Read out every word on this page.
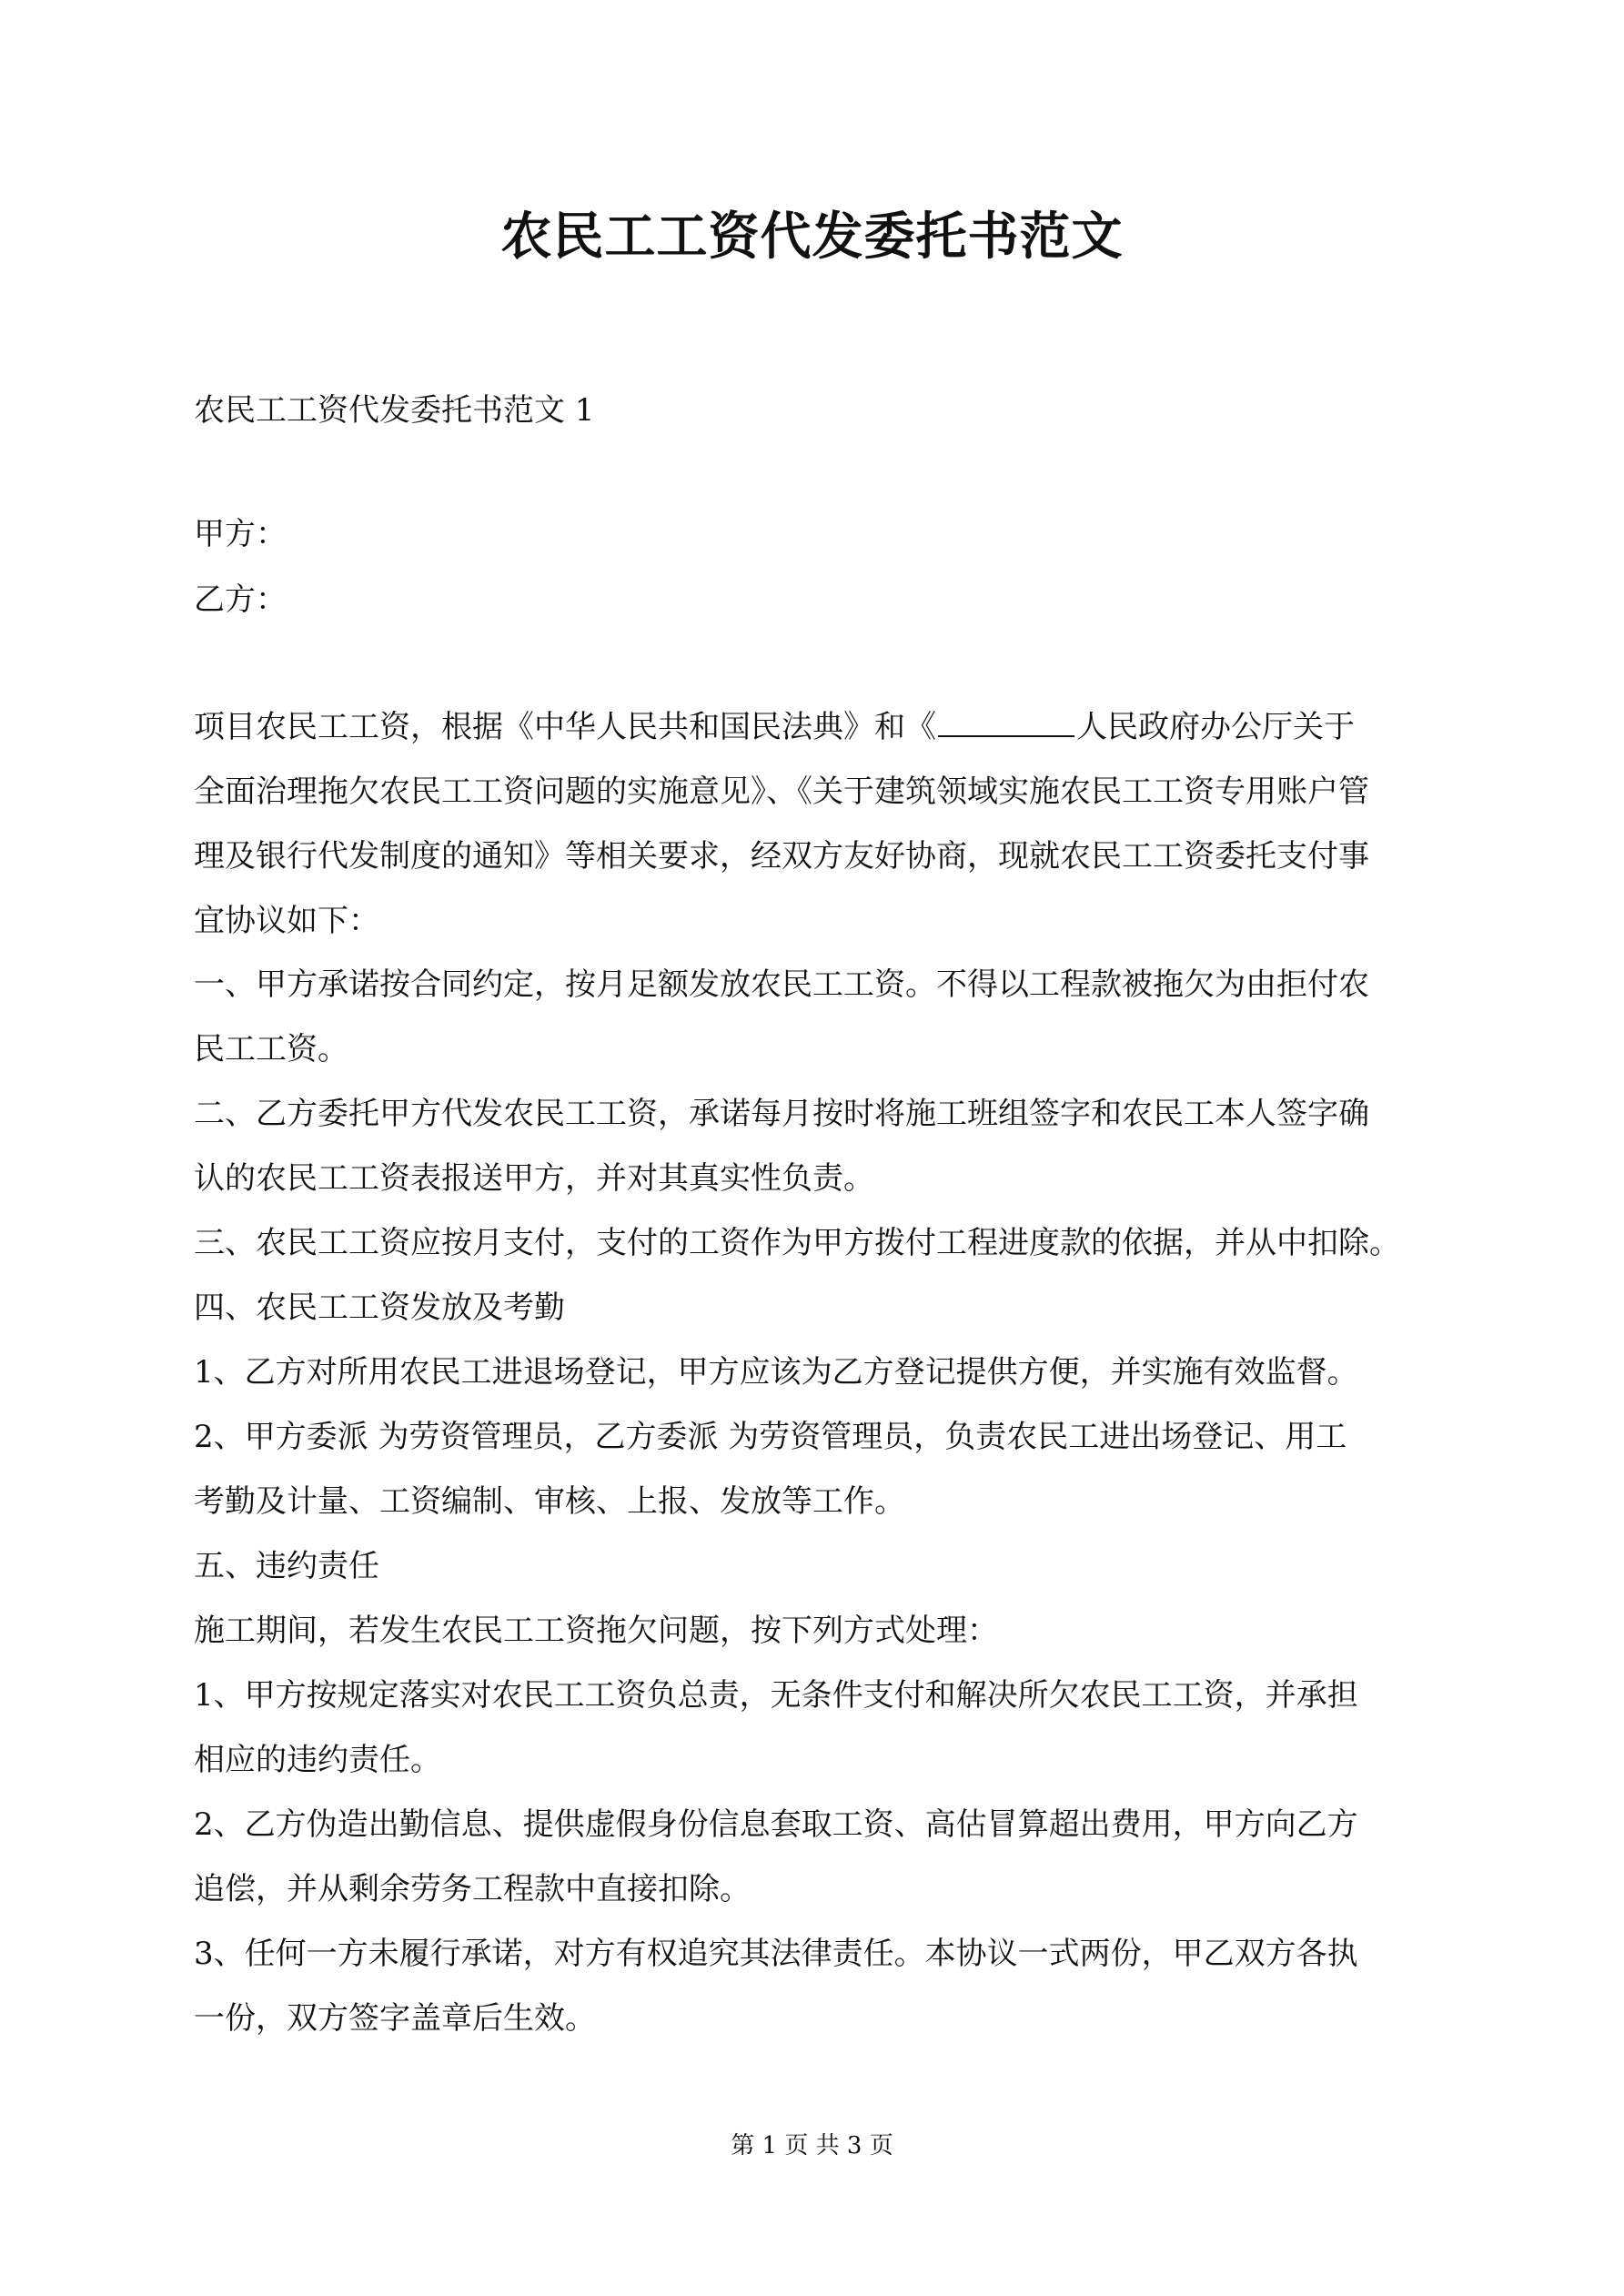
农民工工资代发委托书范文

农民工工资代发委托书范文 1

甲方：

乙方：

项目农民工工资，根据《中华人民共和国民法典》和《	人民政府办公厅关于

全面治理拖欠农民工工资问题的实施意见》、《关于建筑领域实施农民工工资专用账户管

理及银行代发制度的通知》等相关要求，经双方友好协商，现就农民工工资委托支付事

宜协议如下：

一、甲方承诺按合同约定，按月足额发放农民工工资。不得以工程款被拖欠为由拒付农

民工工资。

二、乙方委托甲方代发农民工工资，承诺每月按时将施工班组签字和农民工本人签字确

认的农民工工资表报送甲方，并对其真实性负责。

三、农民工工资应按月支付，支付的工资作为甲方拨付工程进度款的依据，并从中扣除。

四、农民工工资发放及考勤

1、乙方对所用农民工进退场登记，甲方应该为乙方登记提供方便，并实施有效监督。

2、甲方委派 为劳资管理员，乙方委派 为劳资管理员，负责农民工进出场登记、用工

考勤及计量、工资编制、审核、上报、发放等工作。

五、违约责任

施工期间，若发生农民工工资拖欠问题，按下列方式处理：

1、甲方按规定落实对农民工工资负总责，无条件支付和解决所欠农民工工资，并承担

相应的违约责任。

2、乙方伪造出勤信息、提供虚假身份信息套取工资、高估冒算超出费用，甲方向乙方

追偿，并从剩余劳务工程款中直接扣除。

3、任何一方未履行承诺，对方有权追究其法律责任。本协议一式两份，甲乙双方各执

一份，双方签字盖章后生效。

第 1 页 共 3 页
